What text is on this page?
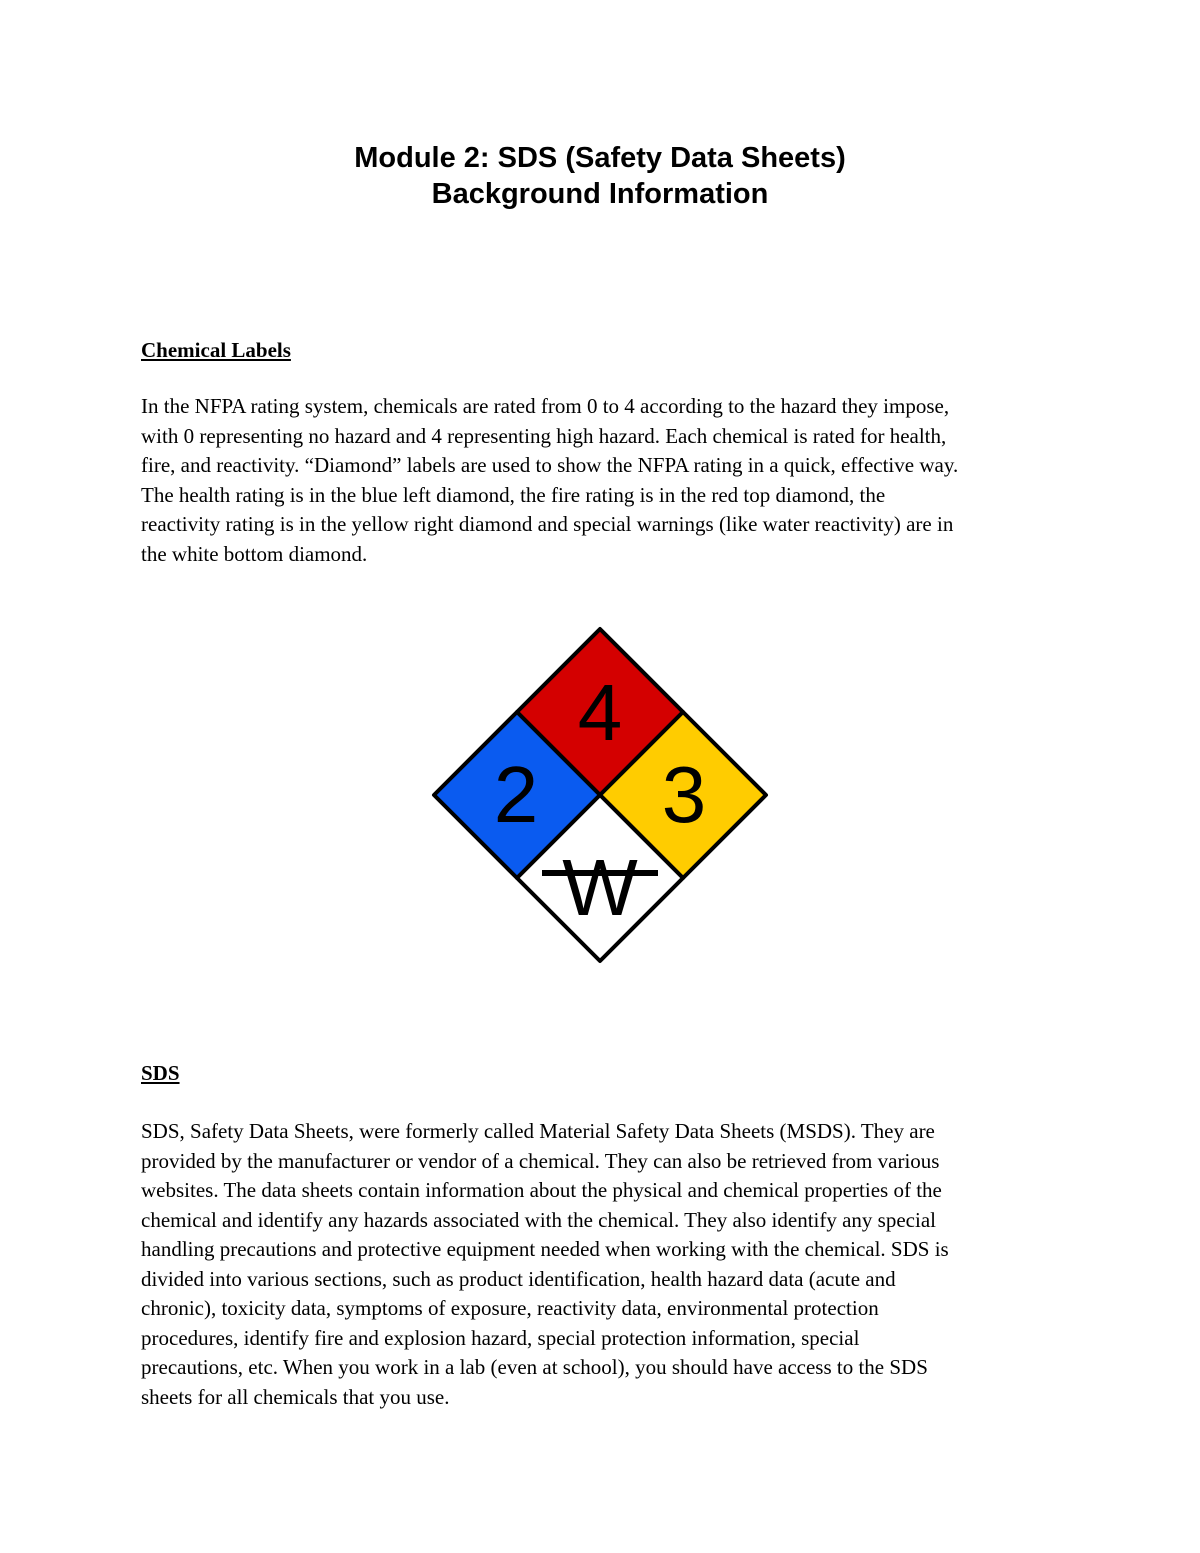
Module 2: SDS (Safety Data Sheets)
Background Information
Chemical Labels

In the NFPA rating system, chemicals are rated from 0 to 4 according to the hazard they impose,

with 0 representing no hazard and 4 representing high hazard. Each chemical is rated for health,

fire, and reactivity. “Diamond” labels are used to show the NFPA rating in a quick, effective way.

The health rating is in the blue left diamond, the fire rating is in the red top diamond, the

reactivity rating is in the yellow right diamond and special warnings (like water reactivity) are in

the white bottom diamond.

4
2 3
W
SDS

SDS, Safety Data Sheets, were formerly called Material Safety Data Sheets (MSDS). They are

provided by the manufacturer or vendor of a chemical. They can also be retrieved from various

websites. The data sheets contain information about the physical and chemical properties of the

chemical and identify any hazards associated with the chemical. They also identify any special

handling precautions and protective equipment needed when working with the chemical. SDS is

divided into various sections, such as product identification, health hazard data (acute and

chronic), toxicity data, symptoms of exposure, reactivity data, environmental protection

procedures, identify fire and explosion hazard, special protection information, special

precautions, etc. When you work in a lab (even at school), you should have access to the SDS

sheets for all chemicals that you use.
